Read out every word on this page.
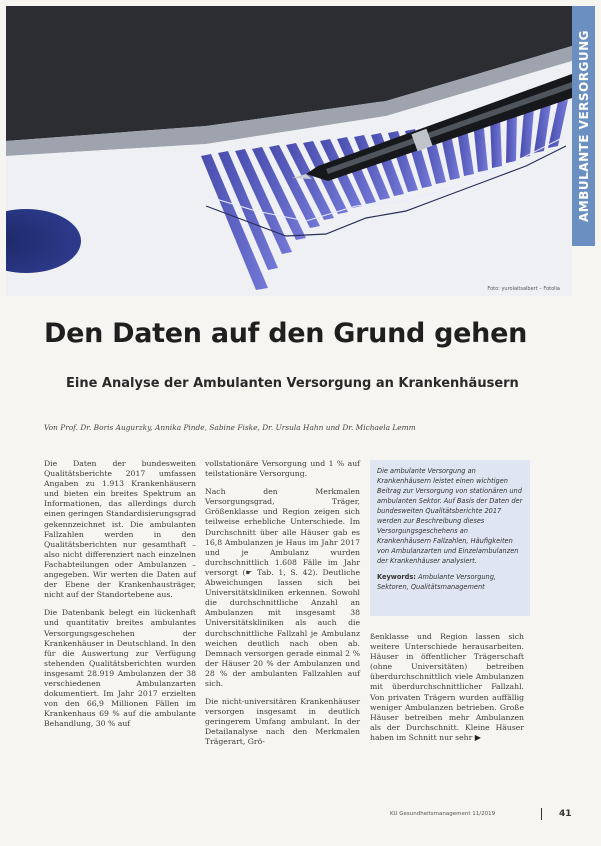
Foto: yurolaitsalbert – Fotolia
AMBULANTE VERSORGUNG
Den Daten auf den Grund gehen
Eine Analyse der Ambulanten Versorgung an Krankenhäusern
Von Prof. Dr. Boris Augurzky, Annika Pinde, Sabine Fiske, Dr. Ursula Hahn und Dr. Michaela Lemm

Die Daten der bundesweiten Qualitätsberichte 2017 umfassen Angaben zu 1.913 Krankenhäusern und bieten ein breites Spektrum an Informationen, das allerdings durch einen geringen Standardisierungsgrad gekennzeichnet ist. Die ambulanten Fallzahlen werden in den Qualitätsberichten nur gesamthaft – also nicht differenziert nach einzelnen Fachabteilungen oder Ambulanzen – angegeben. Wir werten die Daten auf der Ebene der Krankenhausträger, nicht auf der Standortebene aus.

Die Datenbank belegt ein lückenhaft und quantitativ breites ambulantes Versorgungsgeschehen der Krankenhäuser in Deutschland. In den für die Auswertung zur Verfügung stehenden Qualitätsberichten wurden insgesamt 28.919 Ambulanzen der 38 verschiedenen Ambulanzarten dokumentiert. Im Jahr 2017 erzielten von den 66,9 Millionen Fällen im Krankenhaus 69 % auf die ambulante Behandlung, 30 % auf

vollstationäre Versorgung und 1 % auf teilstationäre Versorgung.

Nach den Merkmalen Versorgungsgrad, Träger, Größenklasse und Region zeigen sich teilweise erhebliche Unterschiede. Im Durchschnitt über alle Häuser gab es 16,8 Ambulanzen je Haus im Jahr 2017 und je Ambulanz wurden durchschnittlich 1.608 Fälle im Jahr versorgt (☛ Tab. 1, S. 42). Deutliche Abweichungen lassen sich bei Universitätskliniken erkennen. Sowohl die durchschnittliche Anzahl an Ambulanzen mit insgesamt 38 Universitätskliniken als auch die durchschnittliche Fallzahl je Ambulanz weichen deutlich nach oben ab. Demnach versorgen gerade einmal 2 % der Häuser 20 % der Ambulanzen und 28 % der ambulanten Fallzahlen auf sich.

Die nicht-universitären Krankenhäuser versorgen insgesamt in deutlich geringerem Umfang ambulant. In der Detailanalyse nach den Merkmalen Trägerart, Grö-

Die ambulante Versorgung an Krankenhäusern leistet einen wichtigen Beitrag zur Versorgung von stationären und ambulanten Sektor. Auf Basis der Daten der bundesweiten Qualitätsberichte 2017 werden zur Beschreibung dieses Versorgungsgeschehens an Krankenhäusern Fallzahlen, Häufigkeiten von Ambulanzarten und Einzelambulanzen der Krankenhäuser analysiert.

Keywords: Ambulante Versorgung, Sektoren, Qualitätsmanagement

ßenklasse und Region lassen sich weitere Unterschiede herausarbeiten. Häuser in öffentlicher Trägerschaft (ohne Universitäten) betreiben überdurchschnittlich viele Ambulanzen mit überdurchschnittlicher Fallzahl. Von privaten Trägern wurden auffällig weniger Ambulanzen betrieben. Große Häuser betreiben mehr Ambulanzen als der Durchschnitt. Kleine Häuser haben im Schnitt nur sehr ▶

KU Gesundheitsmanagement 11/2019	41
